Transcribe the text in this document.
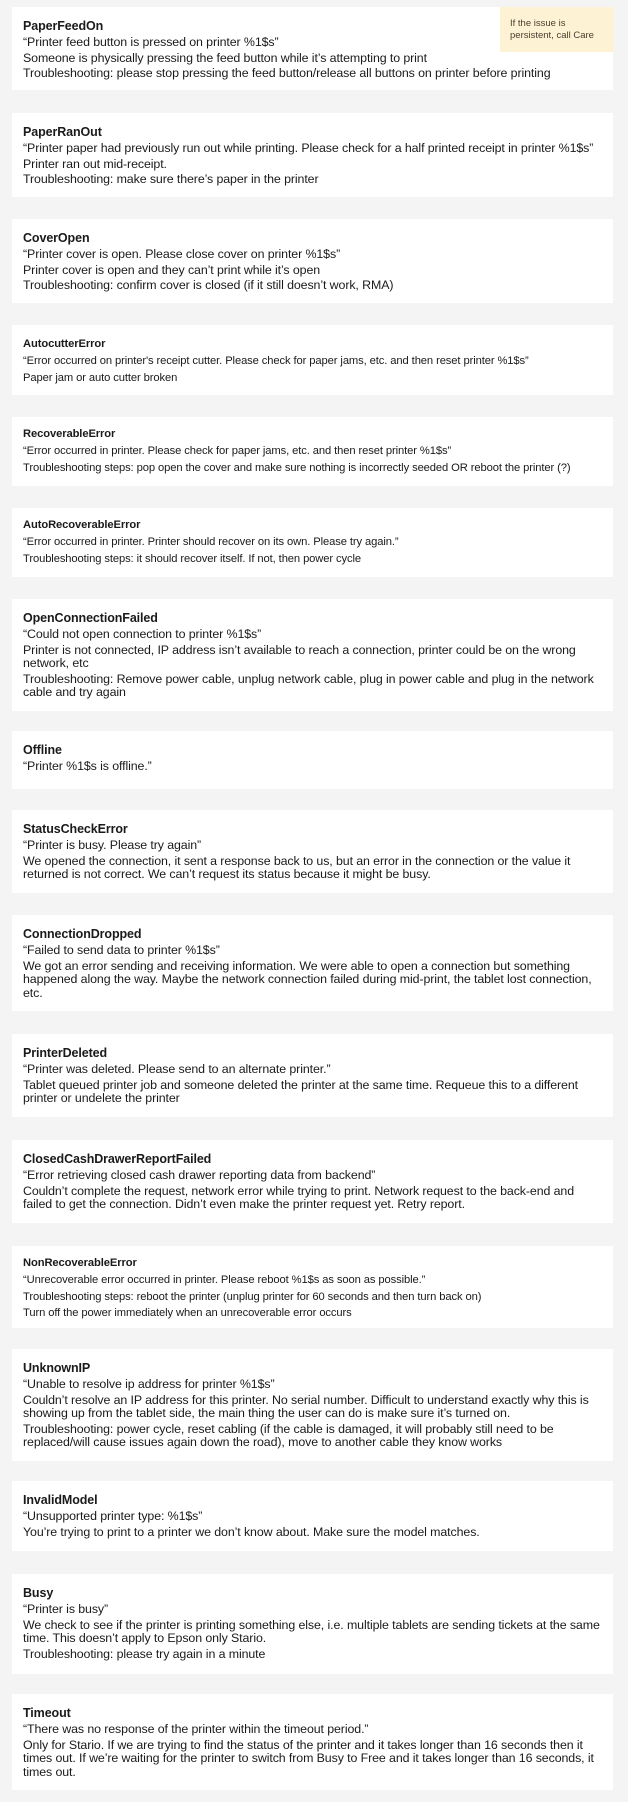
PaperFeedOn

“Printer feed button is pressed on printer %1$s”

Someone is physically pressing the feed button while it’s attempting to print

Troubleshooting: please stop pressing the feed button/release all buttons on printer before printing

PaperRanOut

“Printer paper had previously run out while printing. Please check for a half printed receipt in printer %1$s”

Printer ran out mid-receipt.

Troubleshooting: make sure there’s paper in the printer

CoverOpen

“Printer cover is open. Please close cover on printer %1$s”

Printer cover is open and they can’t print while it’s open

Troubleshooting: confirm cover is closed (if it still doesn’t work, RMA)

AutocutterError

“Error occurred on printer's receipt cutter. Please check for paper jams, etc. and then reset printer %1$s”

Paper jam or auto cutter broken

RecoverableError

“Error occurred in printer. Please check for paper jams, etc. and then reset printer %1$s”

Troubleshooting steps: pop open the cover and make sure nothing is incorrectly seeded OR reboot the printer (?)

AutoRecoverableError

“Error occurred in printer. Printer should recover on its own. Please try again.”

Troubleshooting steps: it should recover itself. If not, then power cycle

OpenConnectionFailed

“Could not open connection to printer %1$s”

Printer is not connected, IP address isn’t available to reach a connection, printer could be on the wrong network, etc

Troubleshooting: Remove power cable, unplug network cable, plug in power cable and plug in the network cable and try again

Offline

“Printer %1$s is offline.”

StatusCheckError

“Printer is busy. Please try again”

We opened the connection, it sent a response back to us, but an error in the connection or the value it returned is not correct. We can’t request its status because it might be busy.

ConnectionDropped

“Failed to send data to printer %1$s”

We got an error sending and receiving information. We were able to open a connection but something happened along the way. Maybe the network connection failed during mid-print, the tablet lost connection, etc.

PrinterDeleted

“Printer was deleted. Please send to an alternate printer.”

Tablet queued printer job and someone deleted the printer at the same time. Requeue this to a different printer or undelete the printer

ClosedCashDrawerReportFailed

“Error retrieving closed cash drawer reporting data from backend”

Couldn’t complete the request, network error while trying to print. Network request to the back-end and failed to get the connection. Didn’t even make the printer request yet. Retry report.

NonRecoverableError

“Unrecoverable error occurred in printer. Please reboot %1$s as soon as possible.”

Troubleshooting steps: reboot the printer (unplug printer for 60 seconds and then turn back on)

Turn off the power immediately when an unrecoverable error occurs

UnknownIP

“Unable to resolve ip address for printer %1$s”

Couldn’t resolve an IP address for this printer. No serial number. Difficult to understand exactly why this is showing up from the tablet side, the main thing the user can do is make sure it’s turned on.

Troubleshooting: power cycle, reset cabling (if the cable is damaged, it will probably still need to be replaced/will cause issues again down the road), move to another cable they know works

InvalidModel

“Unsupported printer type: %1$s”

You’re trying to print to a printer we don’t know about. Make sure the model matches.

Busy

“Printer is busy”

We check to see if the printer is printing something else, i.e. multiple tablets are sending tickets at the same time. This doesn’t apply to Epson only Stario.

Troubleshooting: please try again in a minute

Timeout

“There was no response of the printer within the timeout period.”

Only for Stario. If we are trying to find the status of the printer and it takes longer than 16 seconds then it times out. If we’re waiting for the printer to switch from Busy to Free and it takes longer than 16 seconds, it times out.

If the issue is persistent, call Care
